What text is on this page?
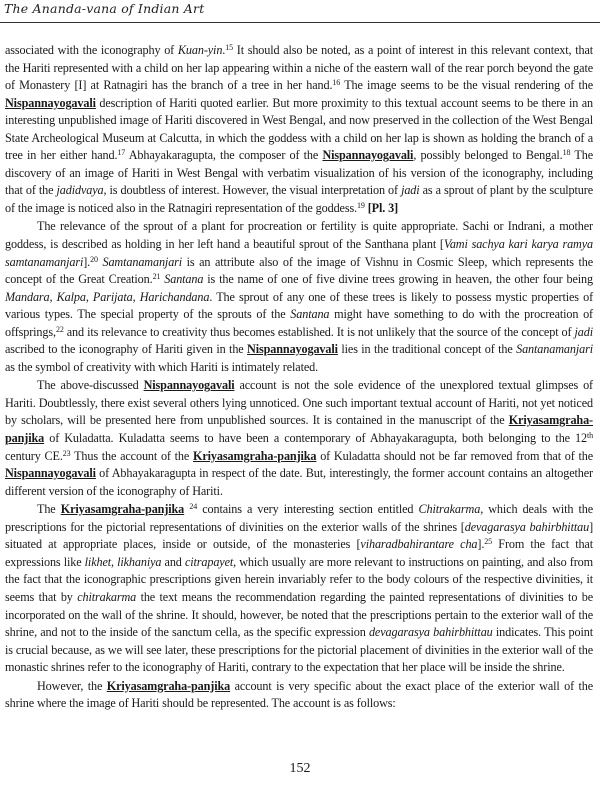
The Ananda-vana of Indian Art

associated with the iconography of Kuan-yin.$^{15}$ It should also be noted, as a point of interest in this relevant context, that the Hariti represented with a child on her lap appearing within a niche of the eastern wall of the rear porch beyond the gate of Monastery [I] at Ratnagiri has the branch of a tree in her hand.$^{16}$ The image seems to be the visual rendering of the Nispannayogavali description of Hariti quoted earlier. But more proximity to this textual account seems to be there in an interesting unpublished image of Hariti discovered in West Bengal, and now preserved in the collection of the West Bengal State Archeological Museum at Calcutta, in which the goddess with a child on her lap is shown as holding the branch of a tree in her either hand.$^{17}$ Abhayakaragupta, the composer of the Nispannayogavali, possibly belonged to Bengal.$^{18}$ The discovery of an image of Hariti in West Bengal with verbatim visualization of his version of the iconography, including that of the jadidvaya, is doubtless of interest. However, the visual interpretation of jadi as a sprout of plant by the sculpture of the image is noticed also in the Ratnagiri representation of the goddess.$^{19}$ [Pl. 3]

The relevance of the sprout of a plant for procreation or fertility is quite appropriate. Sachi or Indrani, a mother goddess, is described as holding in her left hand a beautiful sprout of the Santhana plant [Vami sachya kari karya ramya samtanamanjari].$^{20}$ Samtanamanjari is an attribute also of the image of Vishnu in Cosmic Sleep, which represents the concept of the Great Creation.$^{21}$ Santana is the name of one of five divine trees growing in heaven, the other four being Mandara, Kalpa, Parijata, Harichandana. The sprout of any one of these trees is likely to possess mystic properties of various types. The special property of the sprouts of the Santana might have something to do with the procreation of offsprings,$^{22}$ and its relevance to creativity thus becomes established. It is not unlikely that the source of the concept of jadi ascribed to the iconography of Hariti given in the Nispannayogavali lies in the traditional concept of the Santanamanjari as the symbol of creativity with which Hariti is intimately related.

The above-discussed Nispannayogavali account is not the sole evidence of the unexplored textual glimpses of Hariti. Doubtlessly, there exist several others lying unnoticed. One such important textual account of Hariti, not yet noticed by scholars, will be presented here from unpublished sources. It is contained in the manuscript of the Kriyasamgraha-panjika of Kuladatta. Kuladatta seems to have been a contemporary of Abhayakaragupta, both belonging to the 12th century CE.$^{23}$ Thus the account of the Kriyasamgraha-panjika of Kuladatta should not be far removed from that of the Nispannayogavali of Abhayakaragupta in respect of the date. But, interestingly, the former account contains an altogether different version of the iconography of Hariti.

The Kriyasamgraha-panjika $^{24}$ contains a very interesting section entitled Chitrakarma, which deals with the prescriptions for the pictorial representations of divinities on the exterior walls of the shrines [devagarasya bahirbhittau] situated at appropriate places, inside or outside, of the monasteries [viharadbahirantare cha].$^{25}$ From the fact that expressions like likhet, likhaniya and citrapayet, which usually are more relevant to instructions on painting, and also from the fact that the iconographic prescriptions given herein invariably refer to the body colours of the respective divinities, it seems that by chitrakarma the text means the recommendation regarding the painted representations of divinities to be incorporated on the wall of the shrine. It should, however, be noted that the prescriptions pertain to the exterior wall of the shrine, and not to the inside of the sanctum cella, as the specific expression devagarasya bahirbhittau indicates. This point is crucial because, as we will see later, these prescriptions for the pictorial placement of divinities in the exterior wall of the monastic shrines refer to the iconography of Hariti, contrary to the expectation that her place will be inside the shrine.

However, the Kriyasamgraha-panjika account is very specific about the exact place of the exterior wall of the shrine where the image of Hariti should be represented. The account is as follows:

152
